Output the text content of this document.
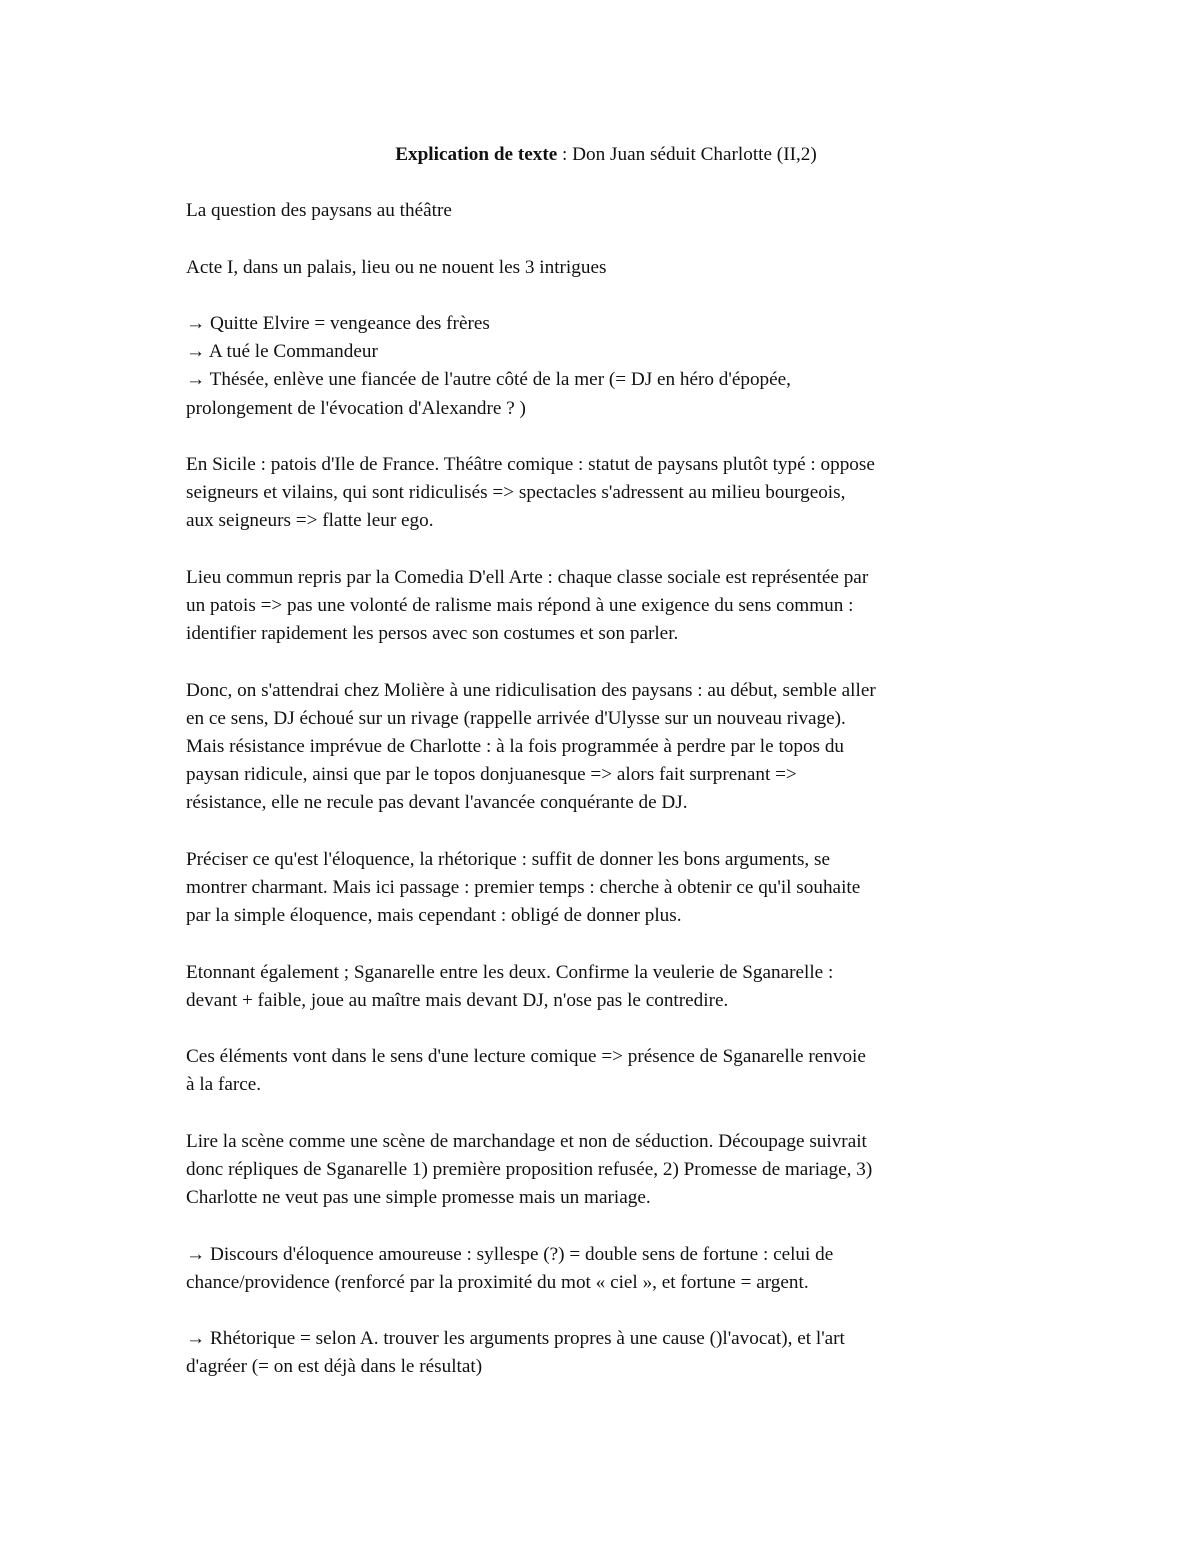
Explication de texte : Don Juan séduit Charlotte (II,2)

La question des paysans au théâtre

Acte I, dans un palais, lieu ou ne nouent les 3 intrigues

→ Quitte Elvire = vengeance des frères
→ A tué le Commandeur
→ Thésée, enlève une fiancée de l'autre côté de la mer (= DJ en héro d'épopée,
prolongement de l'évocation d'Alexandre ? )

En Sicile : patois d'Ile de France. Théâtre comique : statut de paysans plutôt typé : oppose
seigneurs et vilains, qui sont ridiculisés => spectacles s'adressent au milieu bourgeois,
aux seigneurs => flatte leur ego.

Lieu commun repris par la Comedia D'ell Arte : chaque classe sociale est représentée par
un patois => pas une volonté de ralisme mais répond à une exigence du sens commun :
identifier rapidement les persos avec son costumes et son parler.

Donc, on s'attendrai chez Molière à une ridiculisation des paysans : au début, semble aller
en ce sens, DJ échoué sur un rivage (rappelle arrivée d'Ulysse sur un nouveau rivage).
Mais résistance imprévue de Charlotte : à la fois programmée à perdre par le topos du
paysan ridicule, ainsi que par le topos donjuanesque => alors fait surprenant =>
résistance, elle ne recule pas devant l'avancée conquérante de DJ.

Préciser ce qu'est l'éloquence, la rhétorique : suffit de donner les bons arguments, se
montrer charmant. Mais ici passage : premier temps : cherche à obtenir ce qu'il souhaite
par la simple éloquence, mais cependant : obligé de donner plus.

Etonnant également ; Sganarelle entre les deux. Confirme la veulerie de Sganarelle :
devant + faible, joue au maître mais devant DJ, n'ose pas le contredire.

Ces éléments vont dans le sens d'une lecture comique => présence de Sganarelle renvoie
à la farce.

Lire la scène comme une scène de marchandage et non de séduction. Découpage suivrait
donc répliques de Sganarelle 1) première proposition refusée, 2) Promesse de mariage, 3)
Charlotte ne veut pas une simple promesse mais un mariage.

→ Discours d'éloquence amoureuse : syllespe (?) = double sens de fortune : celui de
chance/providence (renforcé par la proximité du mot « ciel », et fortune = argent.

→ Rhétorique = selon A. trouver les arguments propres à une cause ()l'avocat), et l'art
d'agréer (= on est déjà dans le résultat)
